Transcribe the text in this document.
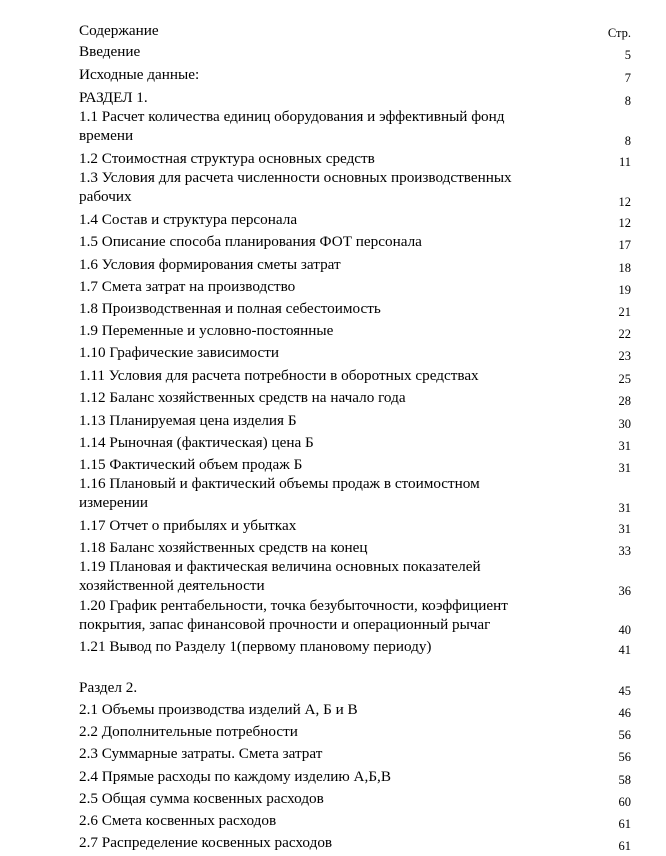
Содержание	Стр.
Введение	5
Исходные данные:	7
РАЗДЕЛ 1.	8
1.1 Расчет количества единиц оборудования и эффективный фонд
времени	8
1.2 Стоимостная структура основных средств	11
1.3 Условия для расчета численности основных производственных
рабочих	12
1.4 Состав и структура персонала	12
1.5 Описание способа планирования ФОТ персонала	17
1.6 Условия формирования сметы затрат	18
1.7 Смета затрат на производство	19
1.8 Производственная и полная себестоимость	21
1.9 Переменные и условно-постоянные	22
1.10 Графические зависимости	23
1.11 Условия для расчета потребности в оборотных средствах	25
1.12 Баланс хозяйственных средств на начало года	28
1.13 Планируемая цена изделия Б	30
1.14 Рыночная (фактическая) цена Б	31
1.15 Фактический объем продаж Б	31
1.16 Плановый и фактический объемы продаж в стоимостном
измерении	31
1.17 Отчет о прибылях и убытках	31
1.18 Баланс хозяйственных средств на конец	33
1.19 Плановая и фактическая величина основных показателей
хозяйственной деятельности	36
1.20 График рентабельности, точка безубыточности, коэффициент
покрытия, запас финансовой прочности и операционный рычаг	40
1.21 Вывод по Разделу 1(первому плановому периоду)	41
Раздел 2.	45
2.1 Объемы производства изделий А, Б и В	46
2.2 Дополнительные потребности	56
2.3 Суммарные затраты. Смета затрат	56
2.4 Прямые расходы по каждому изделию А,Б,В	58
2.5 Общая сумма косвенных расходов	60
2.6 Смета косвенных расходов	61
2.7 Распределение косвенных расходов	61
